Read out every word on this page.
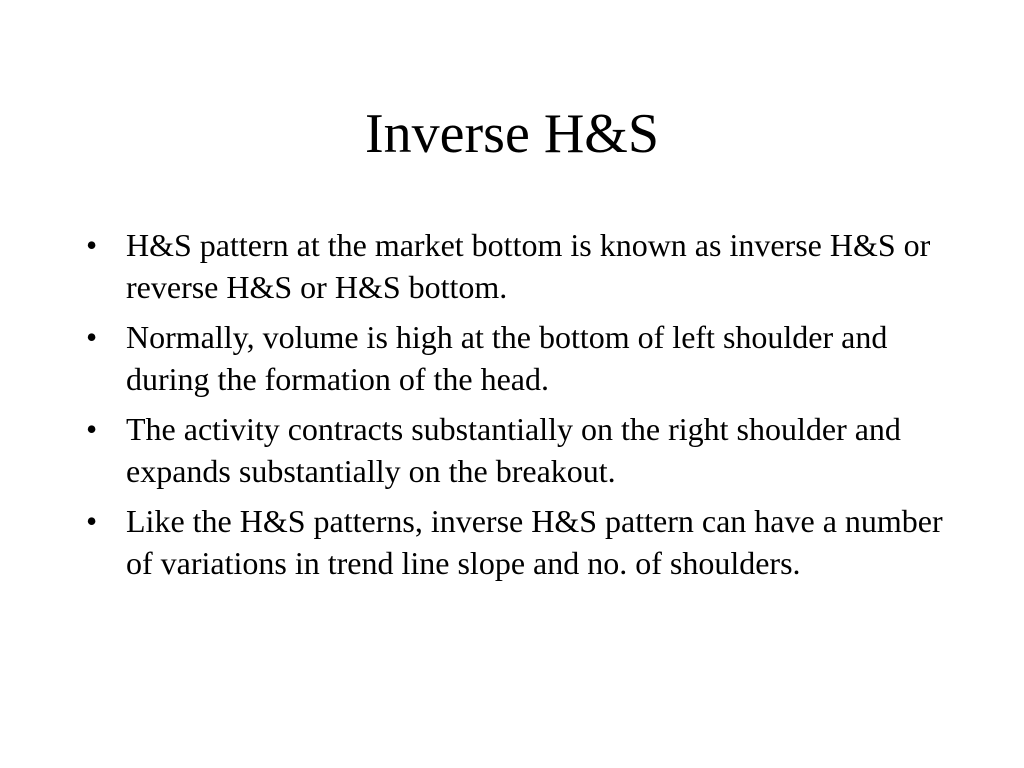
Inverse H&S
• H&S pattern at the market bottom is known as inverse H&S or reverse H&S or H&S bottom.
• Normally, volume is high at the bottom of left shoulder and during the formation of the head.
• The activity contracts substantially on the right shoulder and expands substantially on the breakout.
• Like the H&S patterns, inverse H&S pattern can have a number of variations in trend line slope and no. of shoulders.
